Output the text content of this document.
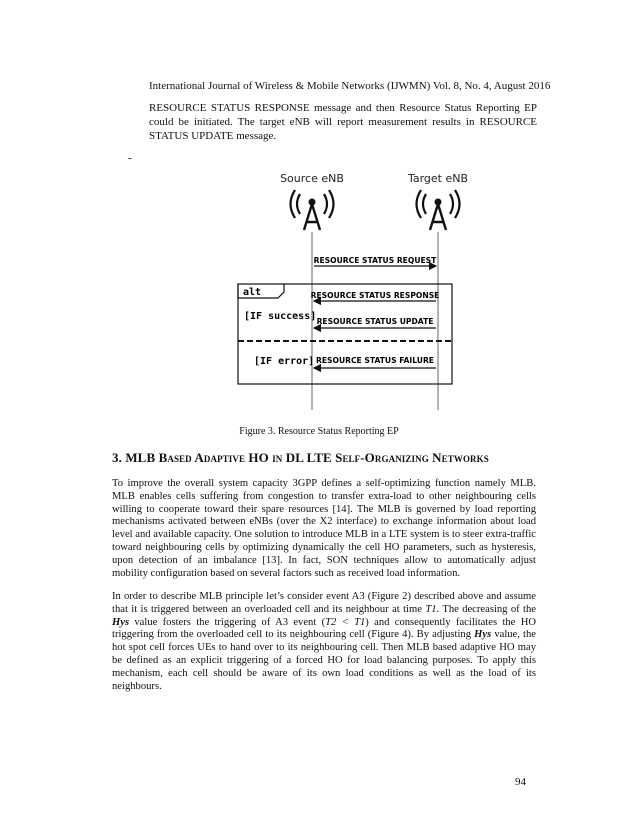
International Journal of Wireless & Mobile Networks (IJWMN) Vol. 8, No. 4, August 2016
RESOURCE STATUS RESPONSE message and then Resource Status Reporting EP could be initiated. The target eNB will report measurement results in RESOURCE STATUS UPDATE message.
-
Source eNB	Target eNB
RESOURCE STATUS REQUEST
alt	RESOURCE STATUS RESPONSE
[IF success] RESOURCE STATUS UPDATE
[IF error] RESOURCE STATUS FAILURE
Figure 3. Resource Status Reporting EP
3. MLB Based Adaptive HO in DL LTE Self-Organizing Networks
To improve the overall system capacity 3GPP defines a self-optimizing function namely MLB. MLB enables cells suffering from congestion to transfer extra-load to other neighbouring cells willing to cooperate toward their spare resources [14]. The MLB is governed by load reporting mechanisms activated between eNBs (over the X2 interface) to exchange information about load level and available capacity. One solution to introduce MLB in a LTE system is to steer extra-traffic toward neighbouring cells by optimizing dynamically the cell HO parameters, such as hysteresis, upon detection of an imbalance [13]. In fact, SON techniques allow to automatically adjust mobility configuration based on several factors such as received load information.
In order to describe MLB principle let’s consider event A3 (Figure 2) described above and assume that it is triggered between an overloaded cell and its neighbour at time T1. The decreasing of the Hys value fosters the triggering of A3 event (T2 < T1) and consequently facilitates the HO triggering from the overloaded cell to its neighbouring cell (Figure 4). By adjusting Hys value, the hot spot cell forces UEs to hand over to its neighbouring cell. Then MLB based adaptive HO may be defined as an explicit triggering of a forced HO for load balancing purposes. To apply this mechanism, each cell should be aware of its own load conditions as well as the load of its neighbours.
94
